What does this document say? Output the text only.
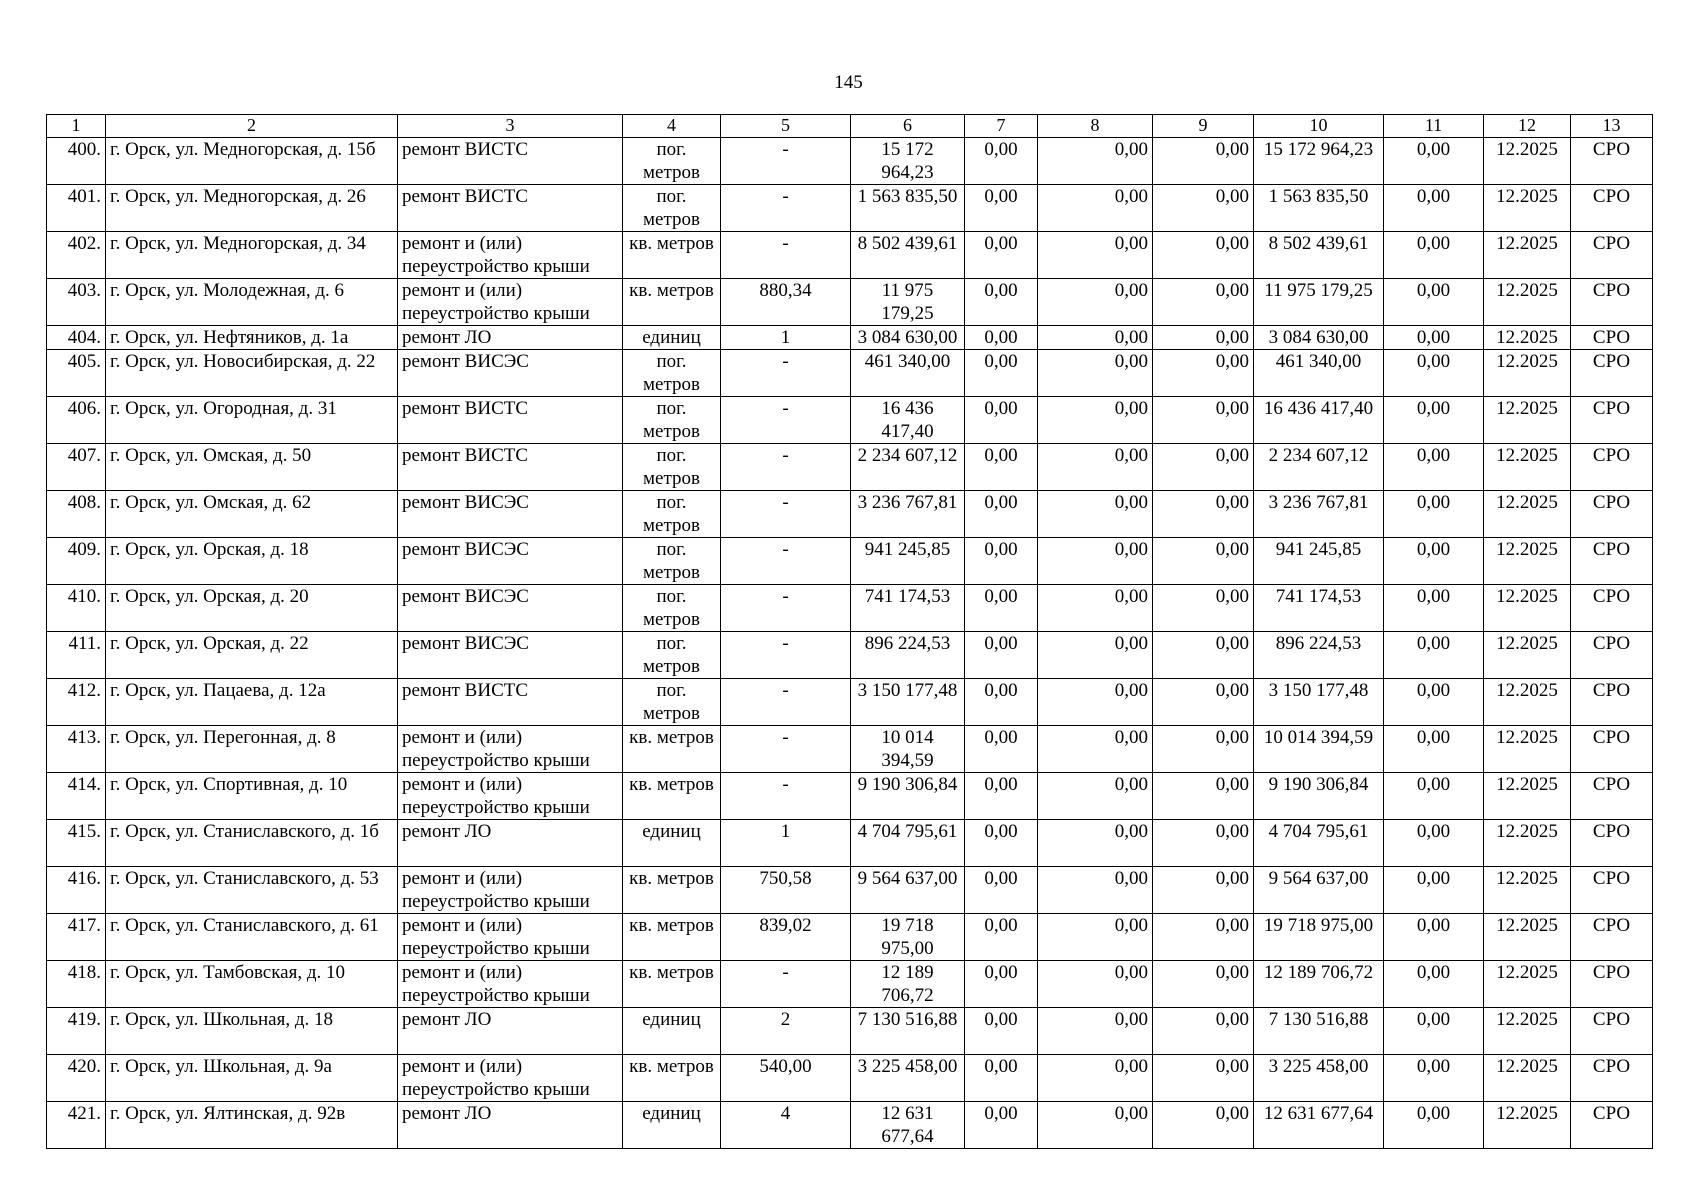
145
1	2	3	4	5	6	7	8	9	10	11	12	13
400.	г. Орск, ул. Медногорская, д. 15б	ремонт ВИСТС	пог. метров	-	15 172 964,23	0,00	0,00	0,00	15 172 964,23	0,00	12.2025	СРО
401.	г. Орск, ул. Медногорская, д. 26	ремонт ВИСТС	пог. метров	-	1 563 835,50	0,00	0,00	0,00	1 563 835,50	0,00	12.2025	СРО
402.	г. Орск, ул. Медногорская, д. 34	ремонт и (или) переустройство крыши	кв. метров	-	8 502 439,61	0,00	0,00	0,00	8 502 439,61	0,00	12.2025	СРО
403.	г. Орск, ул. Молодежная, д. 6	ремонт и (или) переустройство крыши	кв. метров	880,34	11 975 179,25	0,00	0,00	0,00	11 975 179,25	0,00	12.2025	СРО
404.	г. Орск, ул. Нефтяников, д. 1а	ремонт ЛО	единиц	1	3 084 630,00	0,00	0,00	0,00	3 084 630,00	0,00	12.2025	СРО
405.	г. Орск, ул. Новосибирская, д. 22	ремонт ВИСЭС	пог. метров	-	461 340,00	0,00	0,00	0,00	461 340,00	0,00	12.2025	СРО
406.	г. Орск, ул. Огородная, д. 31	ремонт ВИСТС	пог. метров	-	16 436 417,40	0,00	0,00	0,00	16 436 417,40	0,00	12.2025	СРО
407.	г. Орск, ул. Омская, д. 50	ремонт ВИСТС	пог. метров	-	2 234 607,12	0,00	0,00	0,00	2 234 607,12	0,00	12.2025	СРО
408.	г. Орск, ул. Омская, д. 62	ремонт ВИСЭС	пог. метров	-	3 236 767,81	0,00	0,00	0,00	3 236 767,81	0,00	12.2025	СРО
409.	г. Орск, ул. Орская, д. 18	ремонт ВИСЭС	пог. метров	-	941 245,85	0,00	0,00	0,00	941 245,85	0,00	12.2025	СРО
410.	г. Орск, ул. Орская, д. 20	ремонт ВИСЭС	пог. метров	-	741 174,53	0,00	0,00	0,00	741 174,53	0,00	12.2025	СРО
411.	г. Орск, ул. Орская, д. 22	ремонт ВИСЭС	пог. метров	-	896 224,53	0,00	0,00	0,00	896 224,53	0,00	12.2025	СРО
412.	г. Орск, ул. Пацаева, д. 12а	ремонт ВИСТС	пог. метров	-	3 150 177,48	0,00	0,00	0,00	3 150 177,48	0,00	12.2025	СРО
413.	г. Орск, ул. Перегонная, д. 8	ремонт и (или) переустройство крыши	кв. метров	-	10 014 394,59	0,00	0,00	0,00	10 014 394,59	0,00	12.2025	СРО
414.	г. Орск, ул. Спортивная, д. 10	ремонт и (или) переустройство крыши	кв. метров	-	9 190 306,84	0,00	0,00	0,00	9 190 306,84	0,00	12.2025	СРО
415.	г. Орск, ул. Станиславского, д. 1б	ремонт ЛО	единиц	1	4 704 795,61	0,00	0,00	0,00	4 704 795,61	0,00	12.2025	СРО
416.	г. Орск, ул. Станиславского, д. 53	ремонт и (или) переустройство крыши	кв. метров	750,58	9 564 637,00	0,00	0,00	0,00	9 564 637,00	0,00	12.2025	СРО
417.	г. Орск, ул. Станиславского, д. 61	ремонт и (или) переустройство крыши	кв. метров	839,02	19 718 975,00	0,00	0,00	0,00	19 718 975,00	0,00	12.2025	СРО
418.	г. Орск, ул. Тамбовская, д. 10	ремонт и (или) переустройство крыши	кв. метров	-	12 189 706,72	0,00	0,00	0,00	12 189 706,72	0,00	12.2025	СРО
419.	г. Орск, ул. Школьная, д. 18	ремонт ЛО	единиц	2	7 130 516,88	0,00	0,00	0,00	7 130 516,88	0,00	12.2025	СРО
420.	г. Орск, ул. Школьная, д. 9а	ремонт и (или) переустройство крыши	кв. метров	540,00	3 225 458,00	0,00	0,00	0,00	3 225 458,00	0,00	12.2025	СРО
421.	г. Орск, ул. Ялтинская, д. 92в	ремонт ЛО	единиц	4	12 631 677,64	0,00	0,00	0,00	12 631 677,64	0,00	12.2025	СРО
